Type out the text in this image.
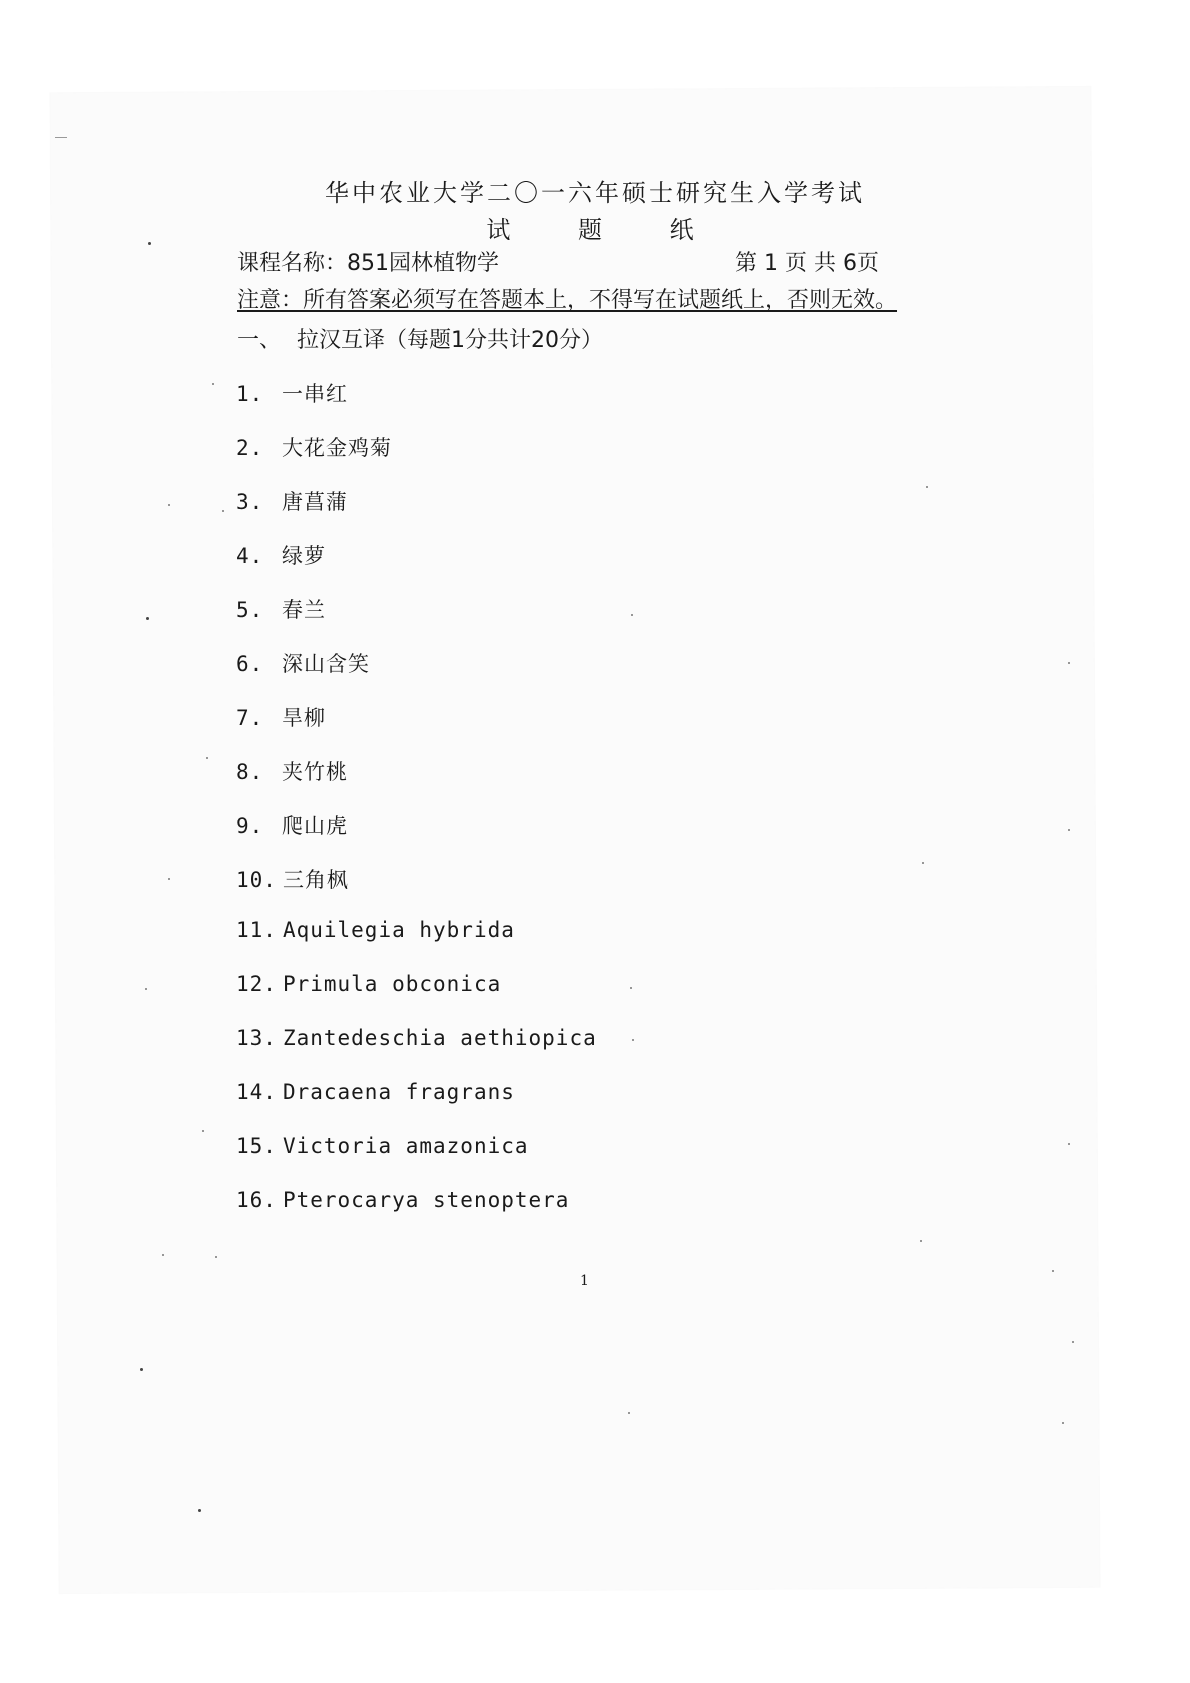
华中农业大学二〇一六年硕士研究生入学考试
试 题 纸
课程名称：851园林植物学	第 1 页 共 6页
注意：所有答案必须写在答题本上，不得写在试题纸上，否则无效。
一、 拉汉互译（每题1分共计20分）
1. 一串红
2. 大花金鸡菊
3. 唐菖蒲
4. 绿萝
5. 春兰
6. 深山含笑
7. 旱柳
8. 夹竹桃
9. 爬山虎
10. 三角枫
11. Aquilegia hybrida
12. Primula obconica
13. Zantedeschia aethiopica
14. Dracaena fragrans
15. Victoria amazonica
16. Pterocarya stenoptera
1
